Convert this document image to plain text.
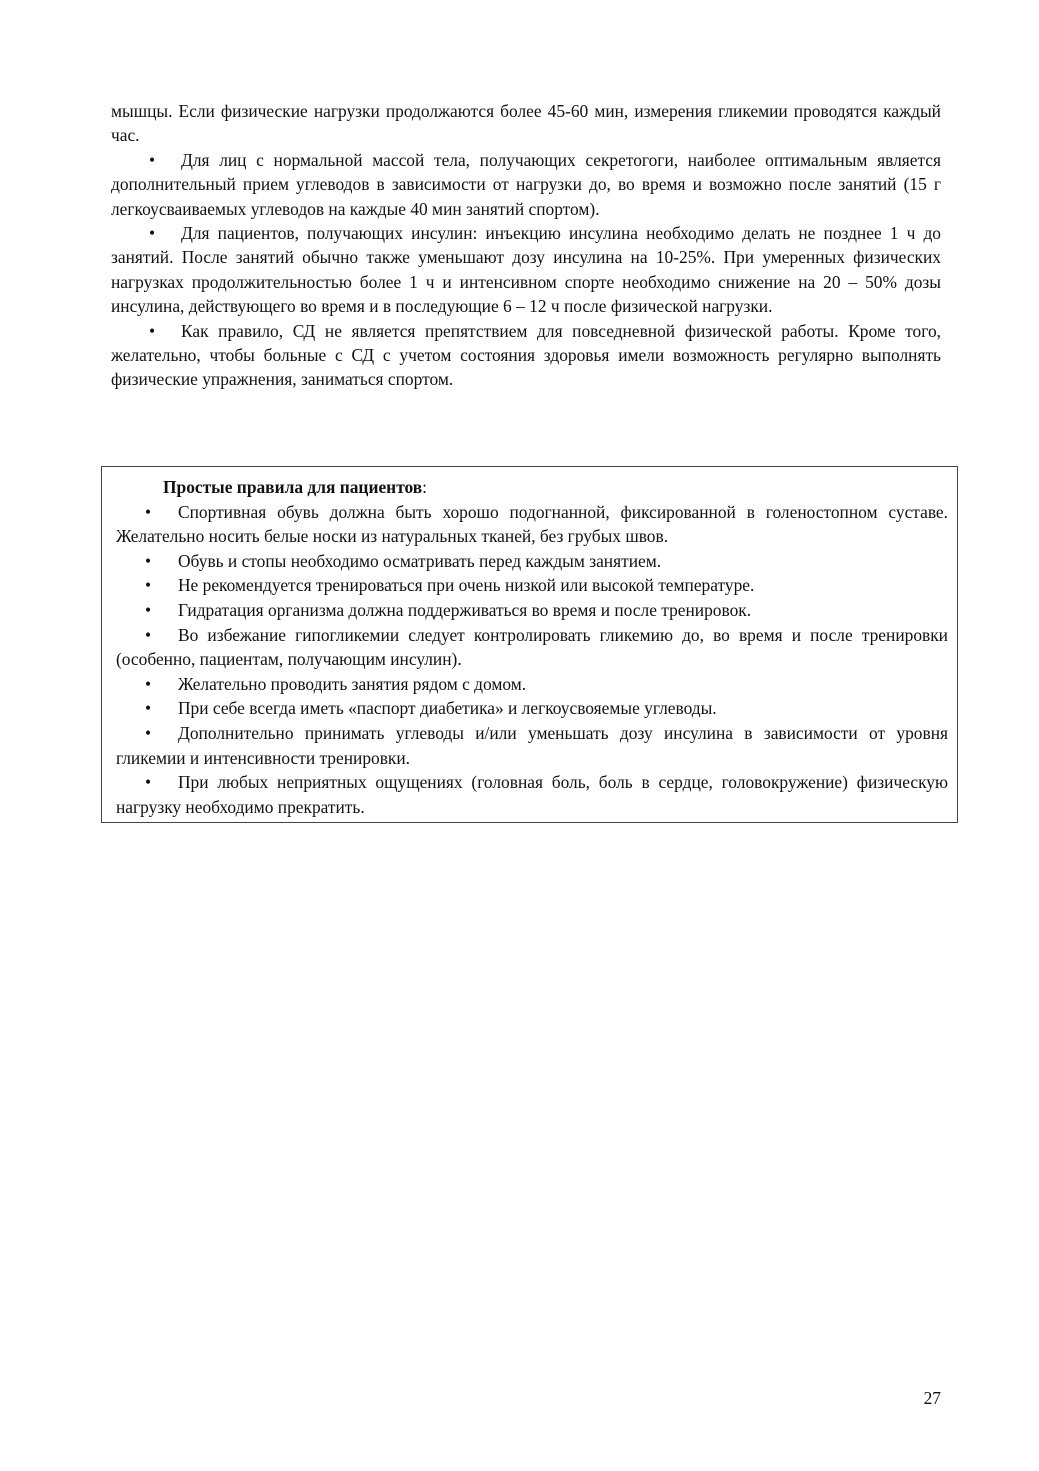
мышцы. Если физические нагрузки продолжаются более 45-60 мин, измерения гликемии проводятся каждый час.

• Для лиц с нормальной массой тела, получающих секретогоги, наиболее оптимальным является дополнительный прием углеводов в зависимости от нагрузки до, во время и возможно после занятий (15 г легкоусваиваемых углеводов на каждые 40 мин занятий спортом).

• Для пациентов, получающих инсулин: инъекцию инсулина необходимо делать не позднее 1 ч до занятий. После занятий обычно также уменьшают дозу инсулина на 10-25%. При умеренных физических нагрузках продолжительностью более 1 ч и интенсивном спорте необходимо снижение на 20 – 50% дозы инсулина, действующего во время и в последующие 6 – 12 ч после физической нагрузки.

• Как правило, СД не является препятствием для повседневной физической работы. Кроме того, желательно, чтобы больные с СД с учетом состояния здоровья имели возможность регулярно выполнять физические упражнения, заниматься спортом.

Простые правила для пациентов:

• Спортивная обувь должна быть хорошо подогнанной, фиксированной в голеностопном суставе. Желательно носить белые носки из натуральных тканей, без грубых швов.

• Обувь и стопы необходимо осматривать перед каждым занятием.

• Не рекомендуется тренироваться при очень низкой или высокой температуре.

• Гидратация организма должна поддерживаться во время и после тренировок.

• Во избежание гипогликемии следует контролировать гликемию до, во время и после тренировки (особенно, пациентам, получающим инсулин).

• Желательно проводить занятия рядом с домом.

• При себе всегда иметь «паспорт диабетика» и легкоусвояемые углеводы.

• Дополнительно принимать углеводы и/или уменьшать дозу инсулина в зависимости от уровня гликемии и интенсивности тренировки.

• При любых неприятных ощущениях (головная боль, боль в сердце, головокружение) физическую нагрузку необходимо прекратить.

27
